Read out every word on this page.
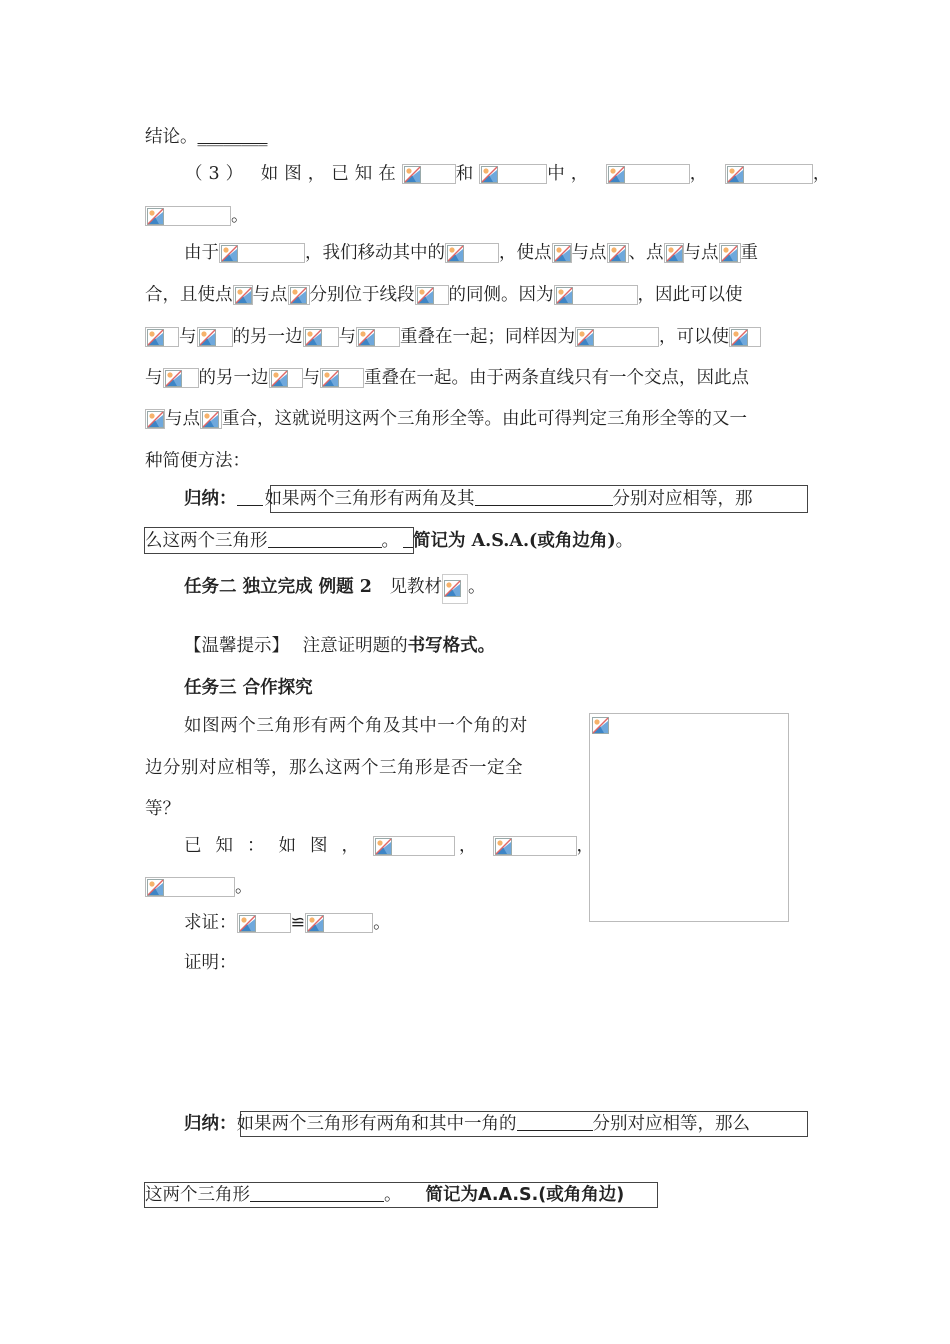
结论。________
（3） 如图，已知在	和	中，	，	，
。
由于	，我们移动其中的	，使点 与点 、点 与点 重
合，且使点 与点 分别位于线段 的同侧。因为	，因此可以使
与 的另一边 与	重叠在一起；同样因为	，可以使
与 的另一边 与	重叠在一起。由于两条直线只有一个交点，因此点
与点 重合，这就说明这两个三角形全等。由此可得判定三角形全等的又一
种简便方法：
归纳： 如果两个三角形有两角及其	分别对应相等，那
么这两个三角形	。 简记为 A.S.A.(或角边角)。
任务二 独立完成 例题 2 见教材 。
【温馨提示】 注意证明题的书写格式。
任务三 合作探究
如图两个三角形有两个角及其中一个角的对
边分别对应相等，那么这两个三角形是否一定全
等？
已知：如图，	，	，
。
求证：	≌	。
证明：
归纳：如果两个三角形有两角和其中一角的	分别对应相等，那么
这两个三角形	。 简记为A.A.S.(或角角边)
